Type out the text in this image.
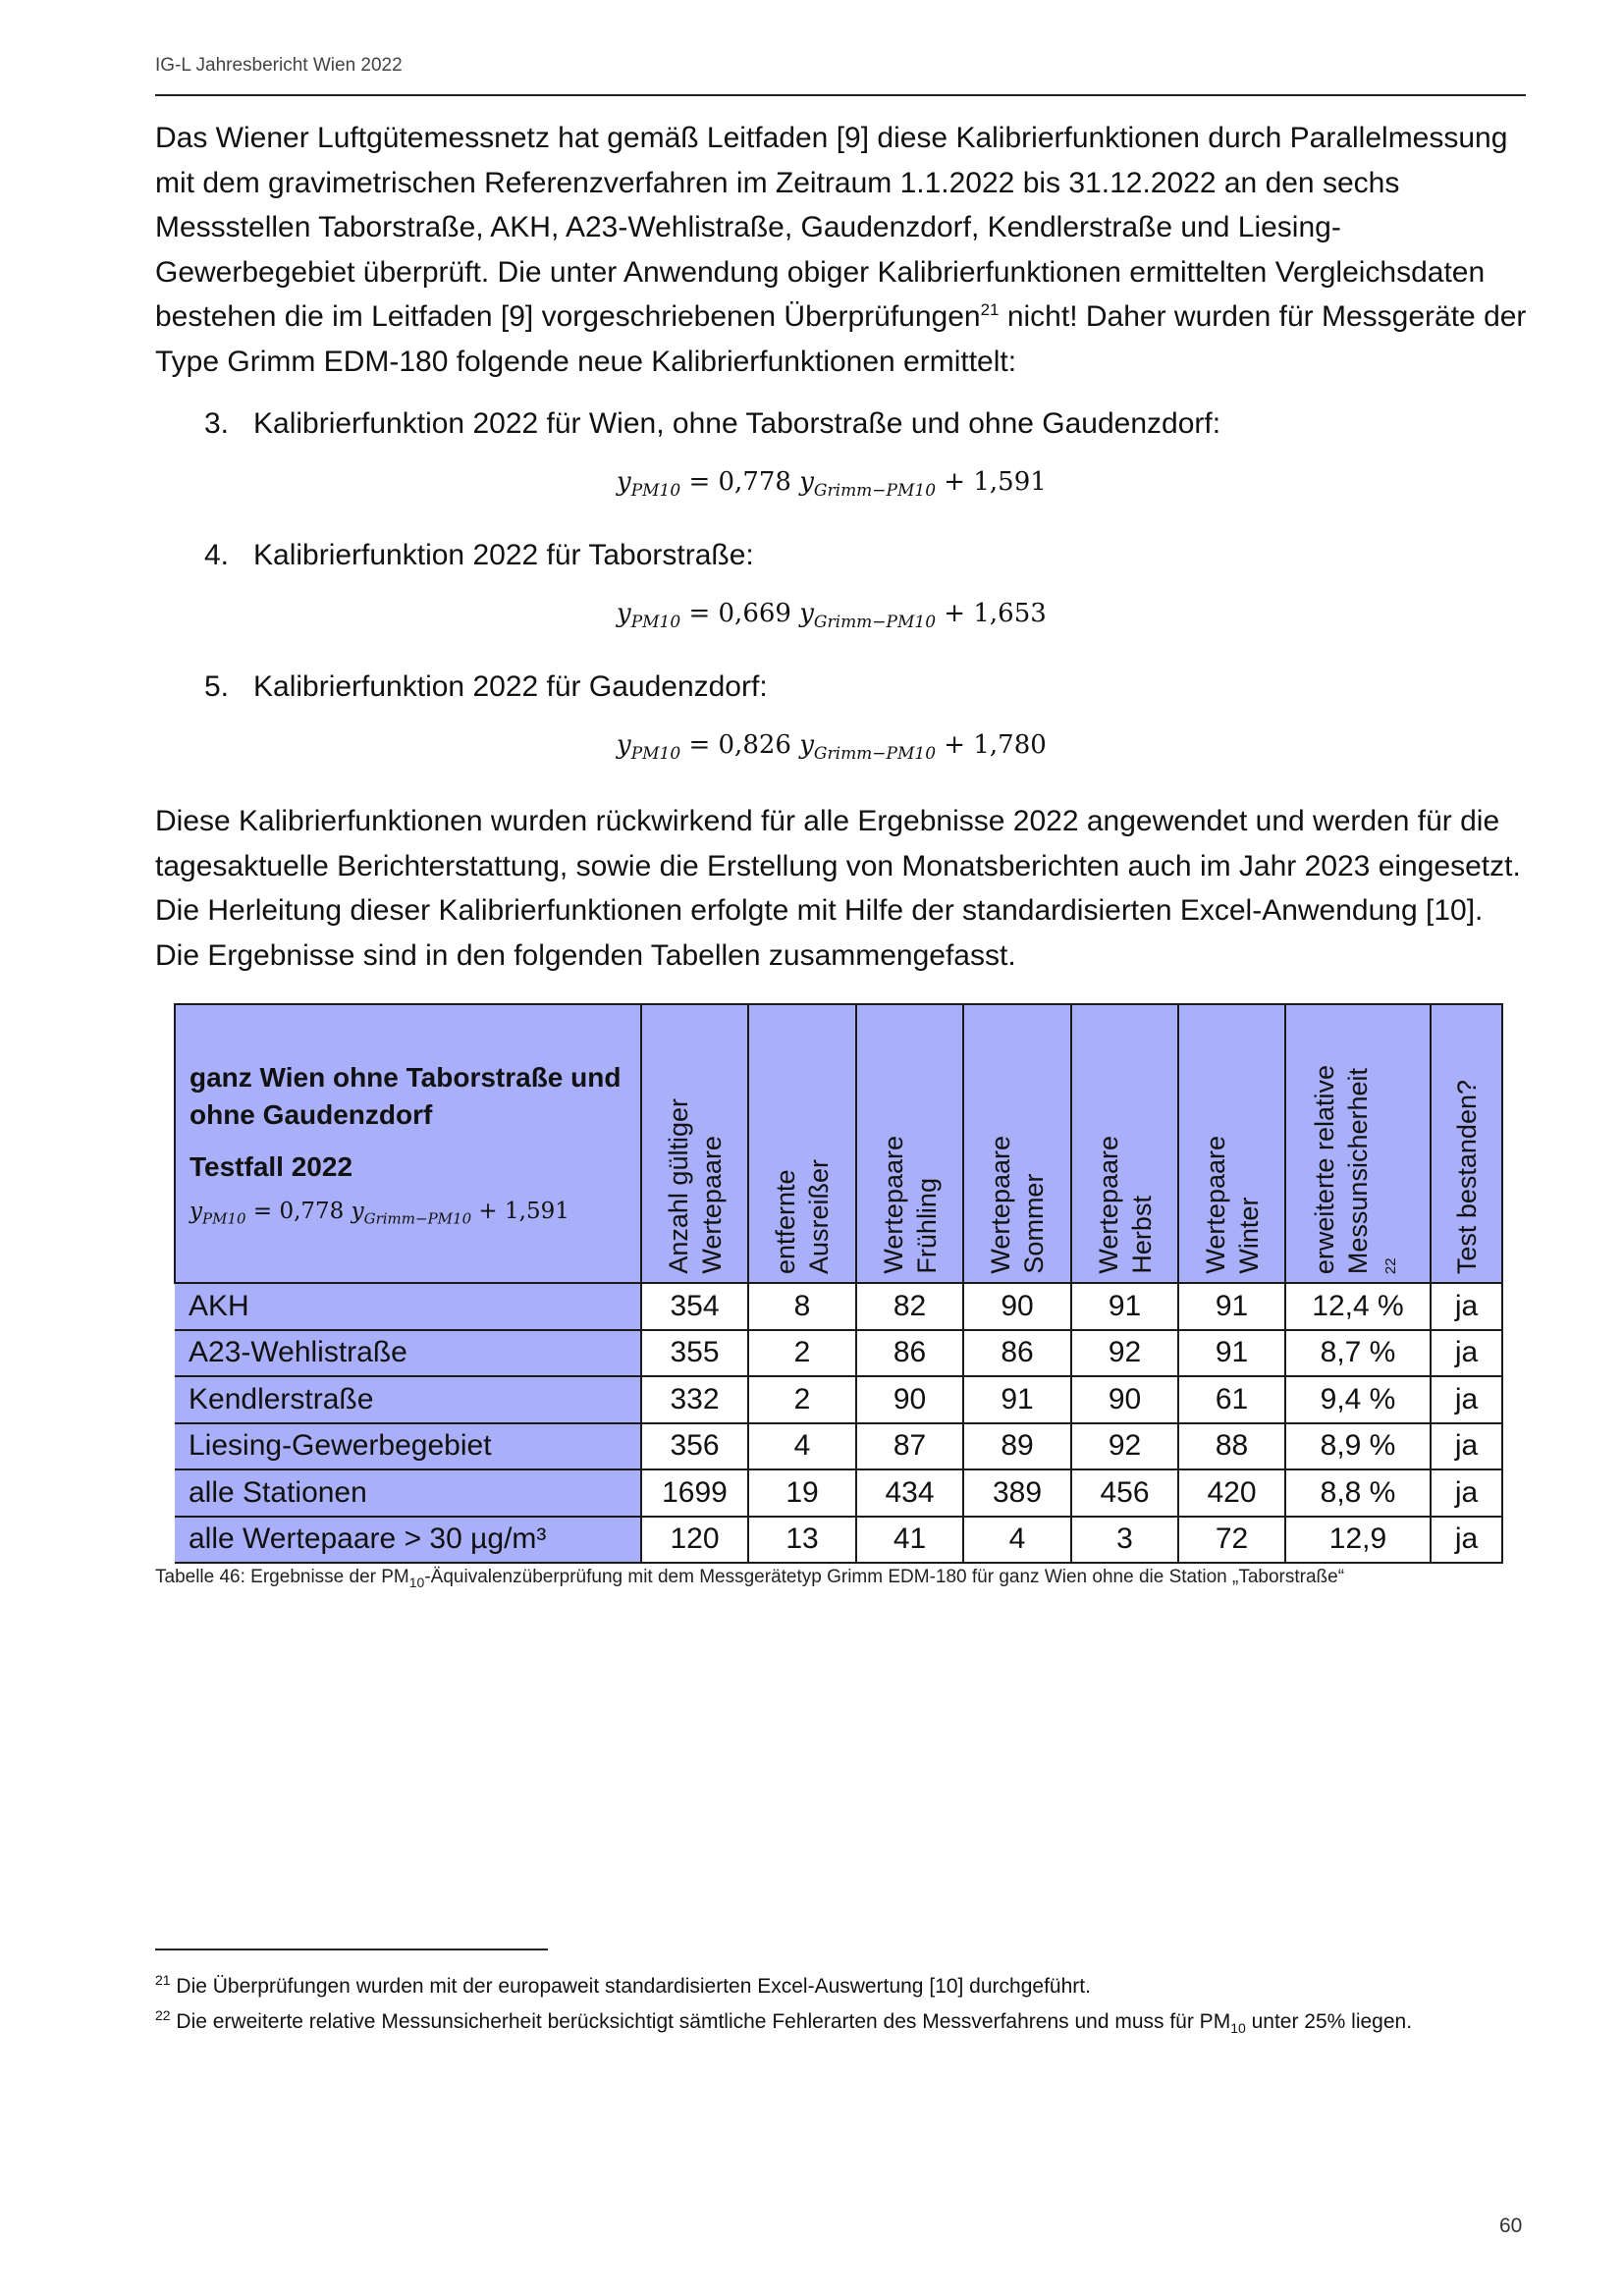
IG-L Jahresbericht Wien 2022

Das Wiener Luftgütemessnetz hat gemäß Leitfaden [9] diese Kalibrierfunktionen durch Parallelmessung mit dem gravimetrischen Referenzverfahren im Zeitraum 1.1.2022 bis 31.12.2022 an den sechs Messstellen Taborstraße, AKH, A23-Wehlistraße, Gaudenzdorf, Kendlerstraße und Liesing-Gewerbegebiet überprüft. Die unter Anwendung obiger Kalibrierfunktionen ermittelten Vergleichsdaten bestehen die im Leitfaden [9] vorgeschriebenen Überprüfungen$^{21}$ nicht! Daher wurden für Messgeräte der Type Grimm EDM-180 folgende neue Kalibrierfunktionen ermittelt:

3. Kalibrierfunktion 2022 für Wien, ohne Taborstraße und ohne Gaudenzdorf:
$y_{PM10} = 0,778$ $y_{Grimm-PM10} + 1,591$
4. Kalibrierfunktion 2022 für Taborstraße:
$y_{PM10} = 0,669$ $y_{Grimm-PM10} + 1,653$
5. Kalibrierfunktion 2022 für Gaudenzdorf:
$y_{PM10} = 0,826$ $y_{Grimm-PM10} + 1,780$

Diese Kalibrierfunktionen wurden rückwirkend für alle Ergebnisse 2022 angewendet und werden für die tagesaktuelle Berichterstattung, sowie die Erstellung von Monatsberichten auch im Jahr 2023 eingesetzt. Die Herleitung dieser Kalibrierfunktionen erfolgte mit Hilfe der standardisierten Excel-Anwendung [10]. Die Ergebnisse sind in den folgenden Tabellen zusammengefasst.

ganz Wien ohne Taborstraße und ohne Gaudenzdorf
Testfall 2022
$y_{PM10} = 0,778$ $y_{Grimm-PM10} + 1,591$	Anzahl gültiger Wertepaare	entfernte Ausreißer	Wertepaare Frühling	Wertepaare Sommer	Wertepaare Herbst	Wertepaare Winter	erweiterte relative Messunsicherheit 22	Test bestanden?
AKH	354	8	82	90	91	91	12,4 %	ja
A23-Wehlistraße	355	2	86	86	92	91	8,7 %	ja
Kendlerstraße	332	2	90	91	90	61	9,4 %	ja
Liesing-Gewerbegebiet	356	4	87	89	92	88	8,9 %	ja
alle Stationen	1699	19	434	389	456	420	8,8 %	ja
alle Wertepaare > 30 µg/m³	120	13	41	4	3	72	12,9	ja
Tabelle 46: Ergebnisse der $PM_{10}$-Äquivalenzüberprüfung mit dem Messgerätetyp Grimm EDM-180 für ganz Wien ohne die Station „Taborstraße“

$^{21}$ Die Überprüfungen wurden mit der europaweit standardisierten Excel-Auswertung [10] durchgeführt.

$^{22}$ Die erweiterte relative Messunsicherheit berücksichtigt sämtliche Fehlerarten des Messverfahrens und muss für $PM_{10}$ unter 25% liegen.

60
